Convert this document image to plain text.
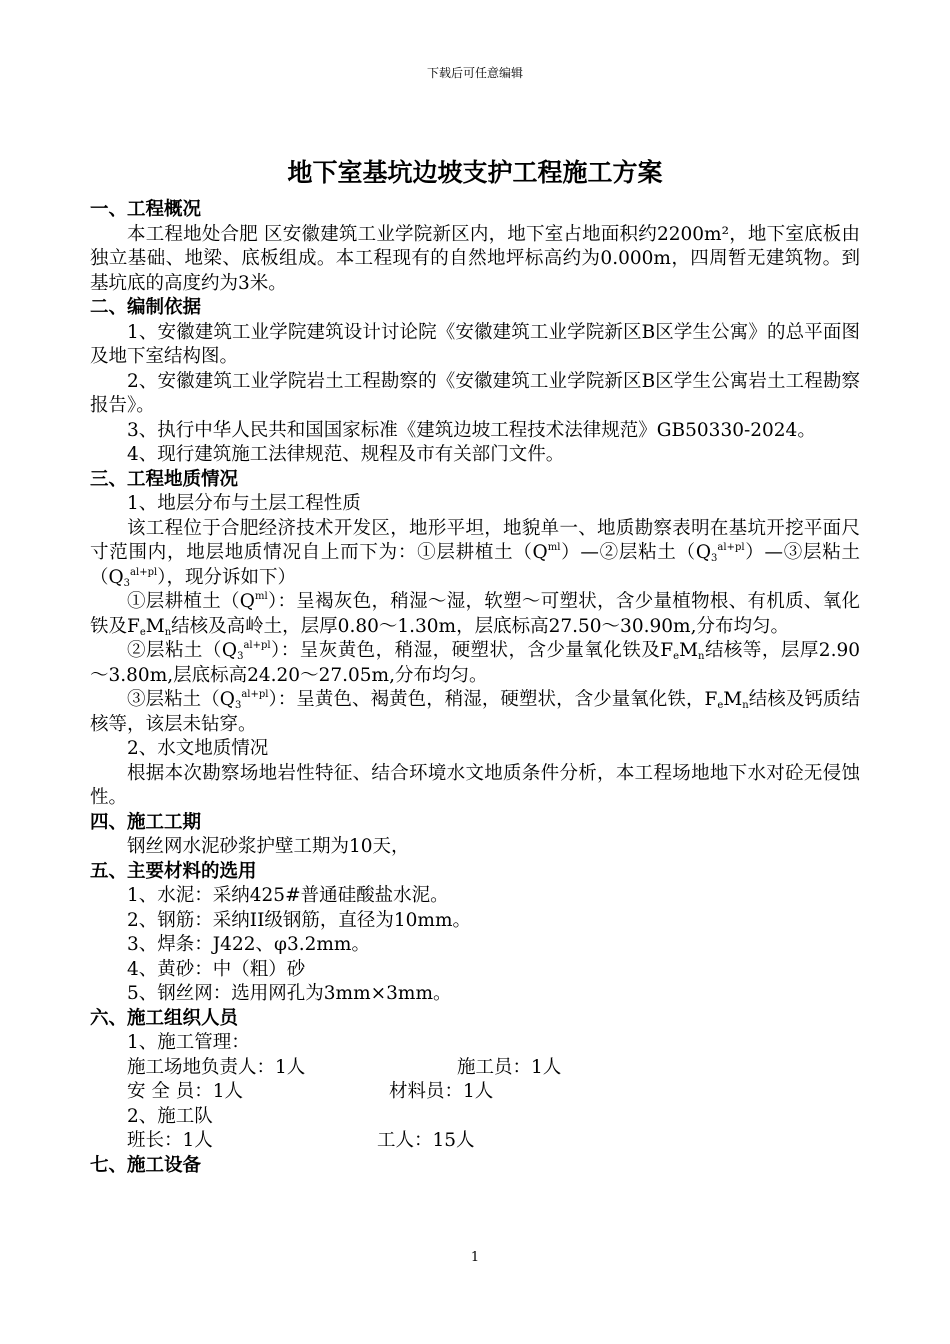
下载后可任意编辑
地下室基坑边坡支护工程施工方案
一、工程概况
本工程地处合肥 区安徽建筑工业学院新区内，地下室占地面积约2200m²，地下室底板由独立基础、地梁、底板组成。本工程现有的自然地坪标高约为0.000m，四周暂无建筑物。到基坑底的高度约为3米。
二、编制依据
1、安徽建筑工业学院建筑设计讨论院《安徽建筑工业学院新区B区学生公寓》的总平面图及地下室结构图。
2、安徽建筑工业学院岩土工程勘察的《安徽建筑工业学院新区B区学生公寓岩土工程勘察报告》。
3、执行中华人民共和国国家标准《建筑边坡工程技术法律规范》GB50330-2024。
4、现行建筑施工法律规范、规程及市有关部门文件。
三、工程地质情况
1、地层分布与土层工程性质
该工程位于合肥经济技术开发区，地形平坦，地貌单一、地质勘察表明在基坑开挖平面尺寸范围内，地层地质情况自上而下为：①层耕植土$(Q^{ml})—②$层粘土$(Q_3^{al+pl})—③$层粘土$(Q_3^{al+pl})$，现分诉如下）
①层耕植土$(Q^{ml})$：呈褐灰色，稍湿～湿，软塑～可塑状，含少量植物根、有机质、氧化铁及$F_eM_n$结核及高岭土，层厚0.80～1.30m，层底标高27.50～30.90m,分布均匀。
②层粘土$(Q_3^{al+pl})$：呈灰黄色，稍湿，硬塑状，含少量氧化铁及$F_eM_n$结核等，层厚2.90～3.80m,层底标高24.20～27.05m,分布均匀。
③层粘土$(Q_3^{al+pl})$：呈黄色、褐黄色，稍湿，硬塑状，含少量氧化铁，$F_eM_n$结核及钙质结核等，该层未钻穿。
2、水文地质情况
根据本次勘察场地岩性特征、结合环境水文地质条件分析，本工程场地地下水对砼无侵蚀性。
四、施工工期
钢丝网水泥砂浆护壁工期为10天，
五、主要材料的选用
1、水泥：采纳425#普通硅酸盐水泥。
2、钢筋：采纳II级钢筋，直径为10mm。
3、焊条：J422、φ3.2mm。
4、黄砂：中（粗）砂
5、钢丝网：选用网孔为3mm×3mm。
六、施工组织人员
1、施工管理：
施工场地负责人：1人	施工员：1人
安 全 员：1人	材料员：1人
2、施工队
班长：1人	工人：15人
七、施工设备
1
